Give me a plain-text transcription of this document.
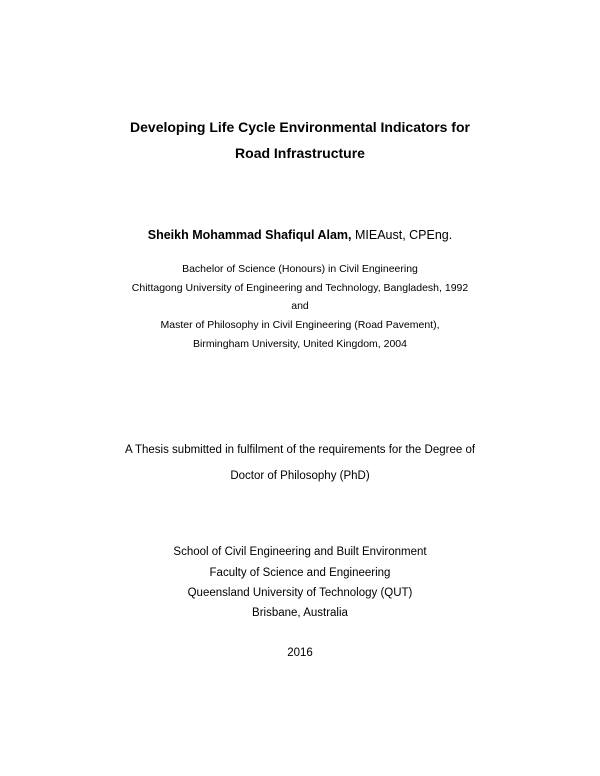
Developing Life Cycle Environmental Indicators for
Road Infrastructure
Sheikh Mohammad Shafiqul Alam, MIEAust, CPEng.
Bachelor of Science (Honours) in Civil Engineering
Chittagong University of Engineering and Technology, Bangladesh, 1992
and
Master of Philosophy in Civil Engineering (Road Pavement),
Birmingham University, United Kingdom, 2004
A Thesis submitted in fulfilment of the requirements for the Degree of
Doctor of Philosophy (PhD)
School of Civil Engineering and Built Environment
Faculty of Science and Engineering
Queensland University of Technology (QUT)
Brisbane, Australia
2016
